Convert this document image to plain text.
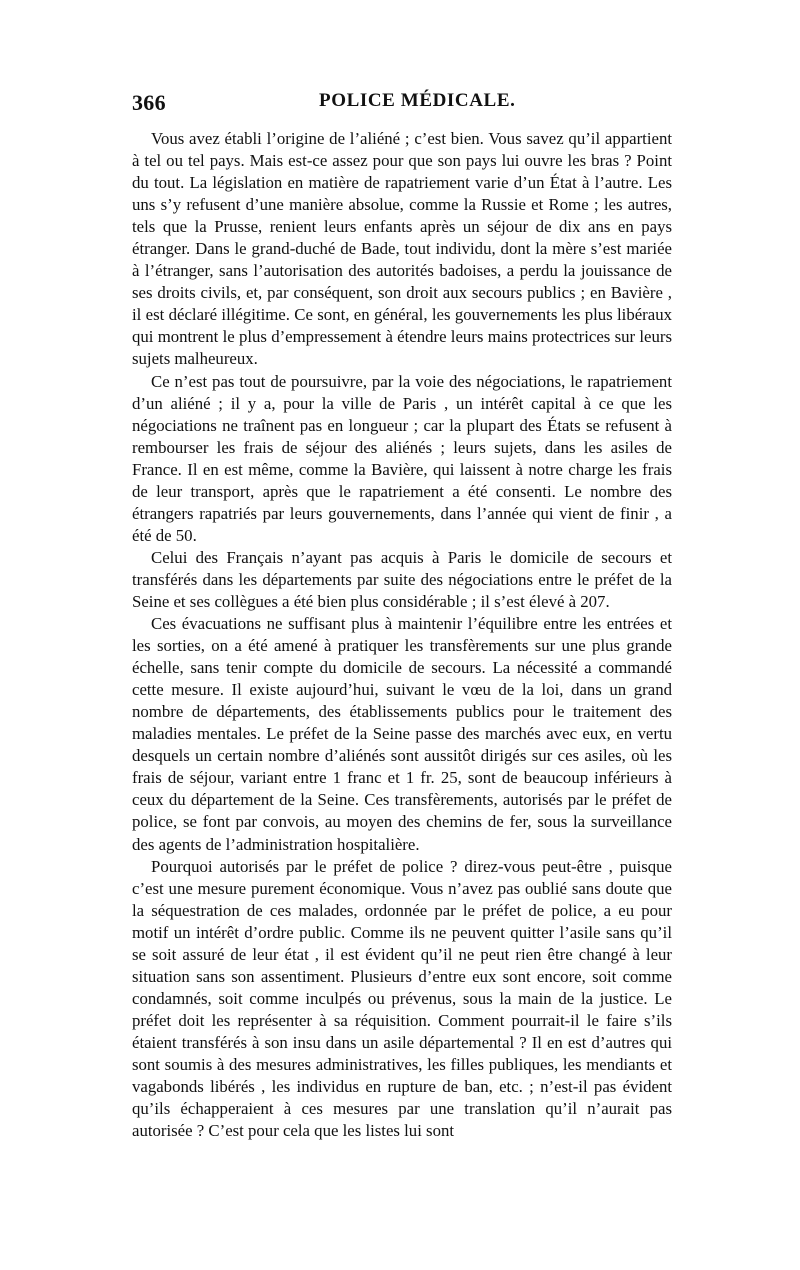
366	POLICE MÉDICALE.

Vous avez établi l’origine de l’aliéné ; c’est bien. Vous savez qu’il appartient à tel ou tel pays. Mais est-ce assez pour que son pays lui ouvre les bras ? Point du tout. La législation en matière de rapatriement varie d’un État à l’autre. Les uns s’y refusent d’une manière absolue, comme la Russie et Rome ; les autres, tels que la Prusse, renient leurs enfants après un séjour de dix ans en pays étranger. Dans le grand-duché de Bade, tout individu, dont la mère s’est mariée à l’étranger, sans l’autorisation des autorités badoises, a perdu la jouissance de ses droits civils, et, par conséquent, son droit aux secours publics ; en Bavière , il est déclaré illégitime. Ce sont, en général, les gouvernements les plus libéraux qui montrent le plus d’empressement à étendre leurs mains protectrices sur leurs sujets malheureux.

Ce n’est pas tout de poursuivre, par la voie des négociations, le rapatriement d’un aliéné ; il y a, pour la ville de Paris , un intérêt capital à ce que les négociations ne traînent pas en longueur ; car la plupart des États se refusent à rembourser les frais de séjour des aliénés ; leurs sujets, dans les asiles de France. Il en est même, comme la Bavière, qui laissent à notre charge les frais de leur transport, après que le rapatriement a été consenti. Le nombre des étrangers rapatriés par leurs gouvernements, dans l’année qui vient de finir , a été de 50.

Celui des Français n’ayant pas acquis à Paris le domicile de secours et transférés dans les départements par suite des négociations entre le préfet de la Seine et ses collègues a été bien plus considérable ; il s’est élevé à 207.

Ces évacuations ne suffisant plus à maintenir l’équilibre entre les entrées et les sorties, on a été amené à pratiquer les transfèrements sur une plus grande échelle, sans tenir compte du domicile de secours. La nécessité a commandé cette mesure. Il existe aujourd’hui, suivant le vœu de la loi, dans un grand nombre de départements, des établissements publics pour le traitement des maladies mentales. Le préfet de la Seine passe des marchés avec eux, en vertu desquels un certain nombre d’aliénés sont aussitôt dirigés sur ces asiles, où les frais de séjour, variant entre 1 franc et 1 fr. 25, sont de beaucoup inférieurs à ceux du département de la Seine. Ces transfèrements, autorisés par le préfet de police, se font par convois, au moyen des chemins de fer, sous la surveillance des agents de l’administration hospitalière.

Pourquoi autorisés par le préfet de police ? direz-vous peut-être , puisque c’est une mesure purement économique. Vous n’avez pas oublié sans doute que la séquestration de ces malades, ordonnée par le préfet de police, a eu pour motif un intérêt d’ordre public. Comme ils ne peuvent quitter l’asile sans qu’il se soit assuré de leur état , il est évident qu’il ne peut rien être changé à leur situation sans son assentiment. Plusieurs d’entre eux sont encore, soit comme condamnés, soit comme inculpés ou prévenus, sous la main de la justice. Le préfet doit les représenter à sa réquisition. Comment pourrait-il le faire s’ils étaient transférés à son insu dans un asile départemental ? Il en est d’autres qui sont soumis à des mesures administratives, les filles publiques, les mendiants et vagabonds libérés , les individus en rupture de ban, etc. ; n’est-il pas évident qu’ils échapperaient à ces mesures par une translation qu’il n’aurait pas autorisée ? C’est pour cela que les listes lui sont
